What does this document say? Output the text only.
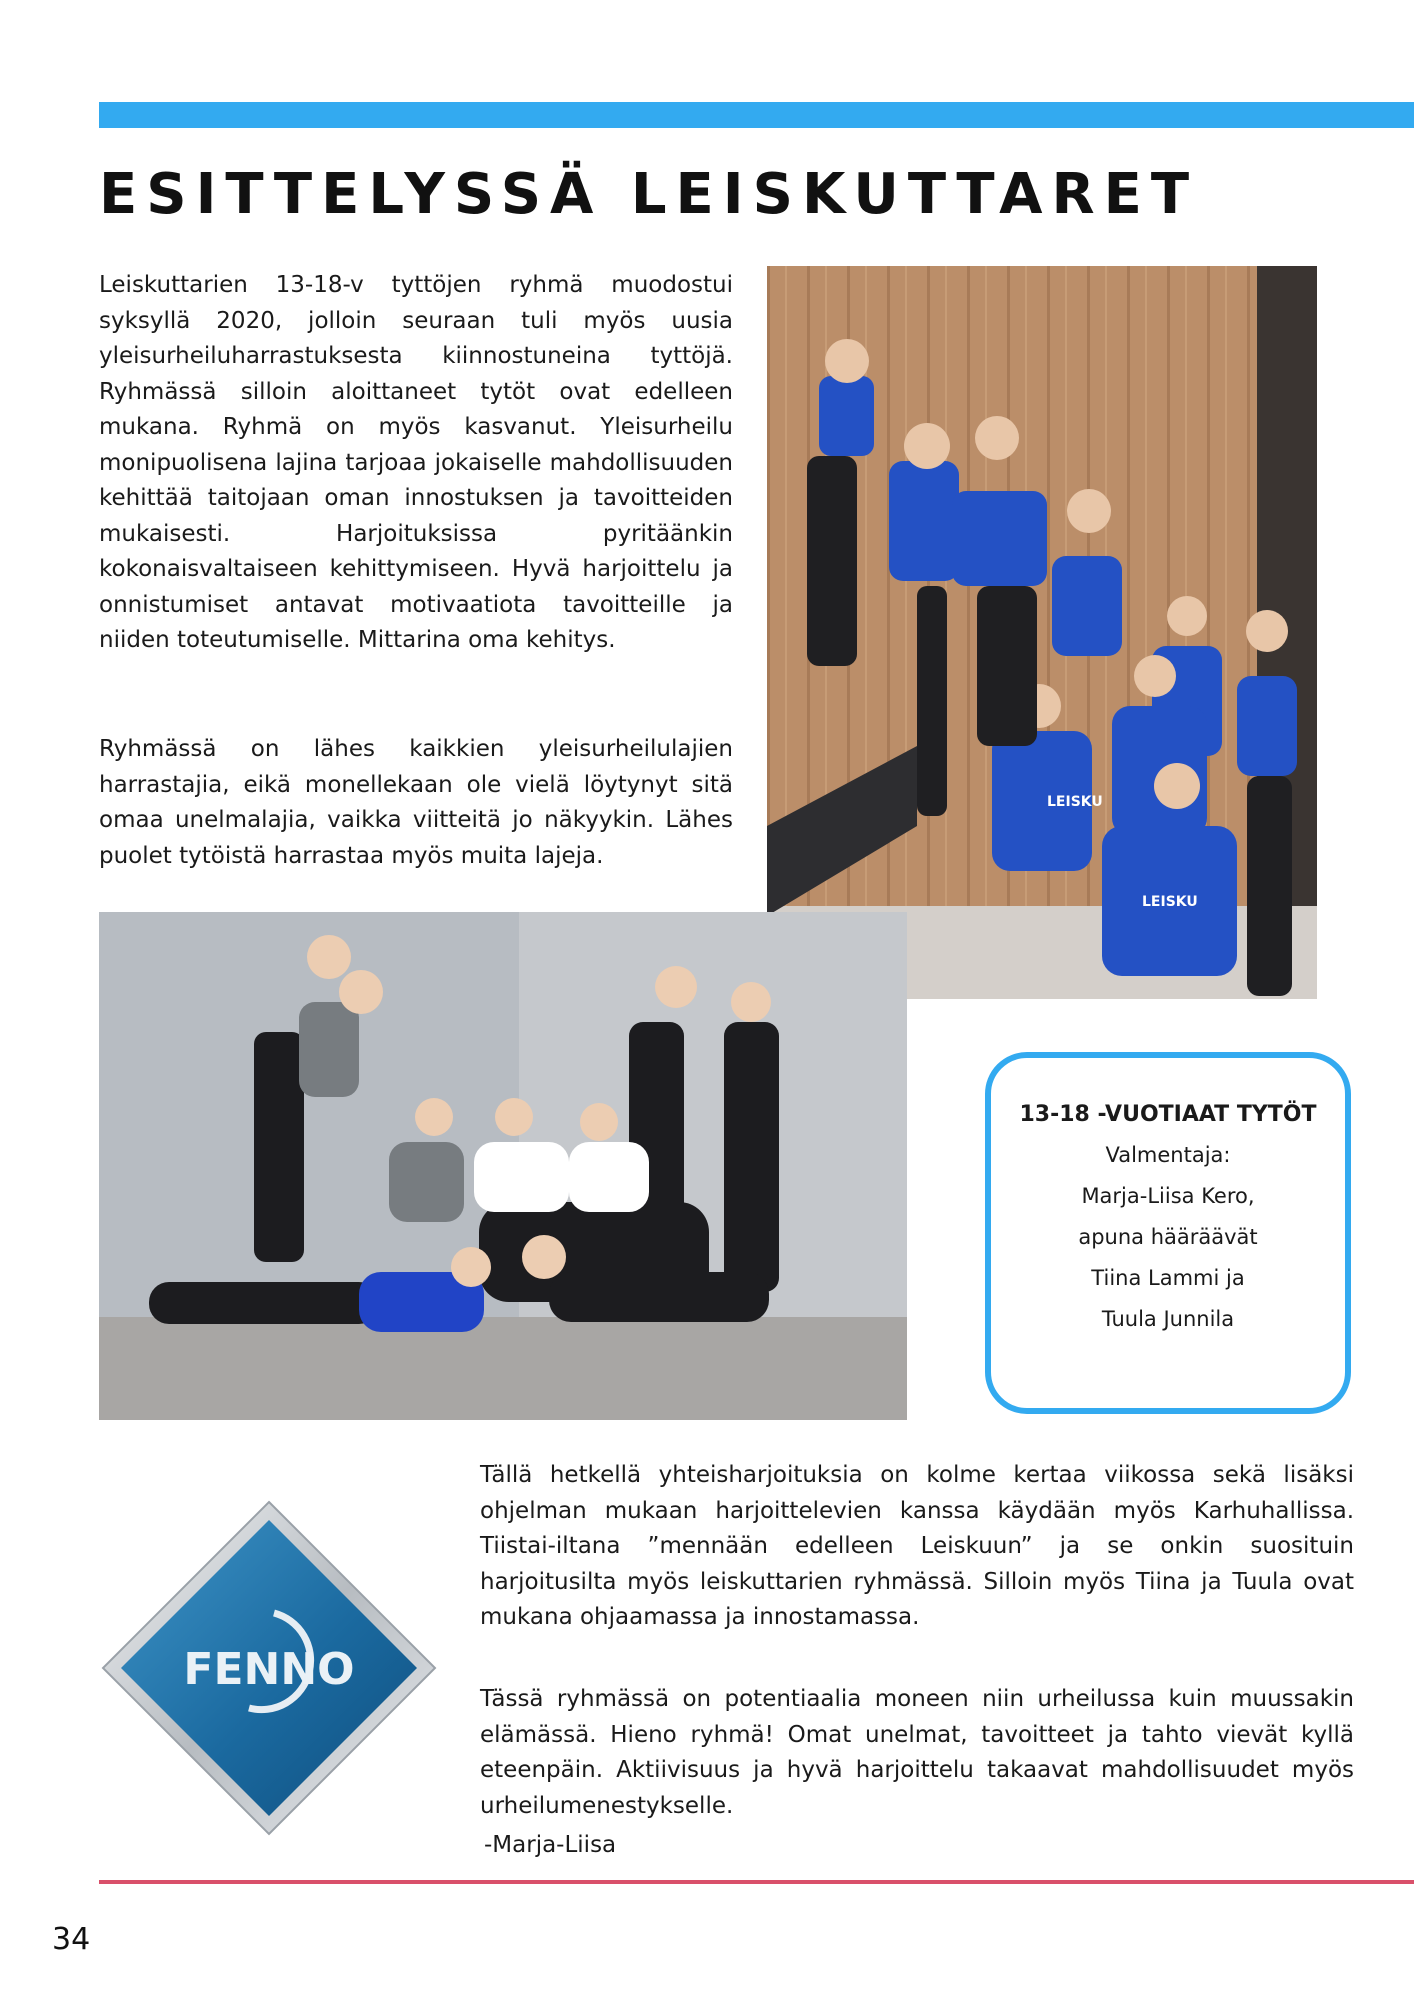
ESITTELYSSÄ LEISKUTTARET

Leiskuttarien 13-18-v tyttöjen ryhmä muodostui syksyllä 2020, jolloin seuraan tuli myös uusia yleisurheiluharrastuksesta kiinnostuneina tyttöjä. Ryhmässä silloin aloittaneet tytöt ovat edelleen mukana. Ryhmä on myös kasvanut. Yleisurheilu monipuolisena lajina tarjoaa jokaiselle mahdollisuuden kehittää taitojaan oman innostuksen ja tavoitteiden mukaisesti. Harjoituksissa pyritäänkin kokonaisvaltaiseen kehittymiseen. Hyvä harjoittelu ja onnistumiset antavat motivaatiota tavoitteille ja niiden toteutumiselle. Mittarina oma kehitys.

Ryhmässä on lähes kaikkien yleisurheilulajien harrastajia, eikä monellekaan ole vielä löytynyt sitä omaa unelmalajia, vaikka viitteitä jo näkyykin. Lähes puolet tytöistä harrastaa myös muita lajeja.

LEISKU
LEISKU

13-18 -VUOTIAAT TYTÖT

Valmentaja:

Marja-Liisa Kero,

apuna hääräävät

Tiina Lammi ja

Tuula Junnila

FENNO

Tällä hetkellä yhteisharjoituksia on kolme kertaa viikossa sekä lisäksi ohjelman mukaan harjoittelevien kanssa käydään myös Karhuhallissa. Tiistai-iltana ”mennään edelleen Leiskuun” ja se onkin suosituin harjoitusilta myös leiskuttarien ryhmässä. Silloin myös Tiina ja Tuula ovat mukana ohjaamassa ja innostamassa.

Tässä ryhmässä on potentiaalia moneen niin urheilussa kuin muussakin elämässä. Hieno ryhmä! Omat unelmat, tavoitteet ja tahto vievät kyllä eteenpäin. Aktiivisuus ja hyvä harjoittelu takaavat mahdollisuudet myös urheilumenestykselle.

-Marja-Liisa

34
